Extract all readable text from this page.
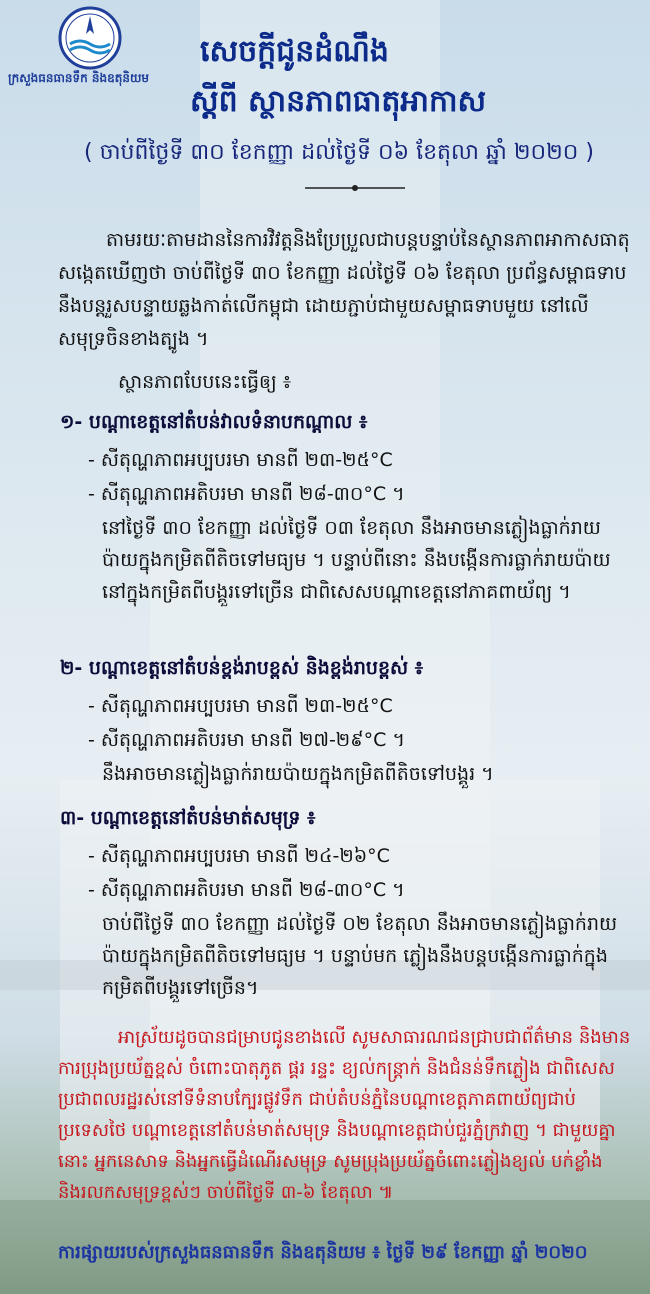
ក្រសួងធនធានទឹក និងឧតុនិយម
សេចក្ដីជូនដំណឹង
ស្ដីពី ស្ថានភាពធាតុអាកាស
( ចាប់ពីថ្ងៃទី ៣០ ខែកញ្ញា ដល់ថ្ងៃទី ០៦ ខែតុលា ឆ្នាំ ២០២០ )
តាមរយៈតាមដាននៃការវិវត្តនិងប្រែប្រួលជាបន្តបន្ទាប់នៃស្ថានភាពអាកាសធាតុ សង្កេតឃើញថា ចាប់ពីថ្ងៃទី ៣០ ខែកញ្ញា ដល់ថ្ងៃទី ០៦ ខែតុលា ប្រព័ន្ធសម្ពាធទាប នឹងបន្តរួសបន្ទាយឆ្លងកាត់លើកម្ពុជា ដោយភ្ជាប់ជាមួយសម្ពាធទាបមួយ នៅលើសមុទ្រចិនខាងត្បូង ។
ស្ថានភាពបែបនេះធ្វើឲ្យ ៖
១- បណ្ដាខេត្តនៅតំបន់វាលទំនាបកណ្ដាល ៖
- សីតុណ្ហភាពអប្បបរមា មានពី ២៣-២៥°C
- សីតុណ្ហភាពអតិបរមា មានពី ២៨-៣០°C ។
នៅថ្ងៃទី ៣០ ខែកញ្ញា ដល់ថ្ងៃទី ០៣ ខែតុលា នឹងអាចមានភ្លៀងធ្លាក់រាយប៉ាយក្នុងកម្រិតពីតិចទៅមធ្យម ។ បន្ទាប់ពីនោះ នឹងបង្កើនការធ្លាក់រាយប៉ាយនៅក្នុងកម្រិតពីបង្គួរទៅច្រើន ជាពិសេសបណ្ដាខេត្តនៅភាគពាយ័ព្យ ។
២- បណ្ដាខេត្តនៅតំបន់ខ្ពង់រាបខ្ពស់ និងខ្ពង់រាបខ្ពស់ ៖
- សីតុណ្ហភាពអប្បបរមា មានពី ២៣-២៥°C
- សីតុណ្ហភាពអតិបរមា មានពី ២៧-២៩°C ។
នឹងអាចមានភ្លៀងធ្លាក់រាយប៉ាយក្នុងកម្រិតពីតិចទៅបង្គួរ ។
៣- បណ្ដាខេត្តនៅតំបន់មាត់សមុទ្រ ៖
- សីតុណ្ហភាពអប្បបរមា មានពី ២៤-២៦°C
- សីតុណ្ហភាពអតិបរមា មានពី ២៨-៣០°C ។
ចាប់ពីថ្ងៃទី ៣០ ខែកញ្ញា ដល់ថ្ងៃទី ០២ ខែតុលា នឹងអាចមានភ្លៀងធ្លាក់រាយប៉ាយក្នុងកម្រិតពីតិចទៅមធ្យម ។ បន្ទាប់មក ភ្លៀងនឹងបន្តបង្កើនការធ្លាក់ក្នុងកម្រិតពីបង្គួរទៅច្រើន។
អាស្រ័យដូចបានជម្រាបជូនខាងលើ សូមសាធារណជនជ្រាបជាព័ត៌មាន និងមានការប្រុងប្រយ័ត្នខ្ពស់ ចំពោះបាតុភូត ផ្គរ រន្ទះ ខ្យល់កន្ត្រាក់ និងជំនន់ទឹកភ្លៀង ជាពិសេសប្រជាពលរដ្ឋរស់នៅទីទំនាបក្បែរផ្លូវទឹក ជាប់តំបន់ភ្នំនៃបណ្ដាខេត្តភាគពាយ័ព្យជាប់ប្រទេសថៃ បណ្ដាខេត្តនៅតំបន់មាត់សមុទ្រ និងបណ្ដាខេត្តជាប់ជួរភ្នំក្រវាញ ។ ជាមួយគ្នានោះ អ្នកនេសាទ និងអ្នកធ្វើដំណើរសមុទ្រ សូមប្រុងប្រយ័ត្នចំពោះភ្លៀងខ្យល់ បក់ខ្លាំង និងរលកសមុទ្រខ្ពស់ៗ ចាប់ពីថ្ងៃទី ៣-៦ ខែតុលា ៕
ការផ្សាយរបស់ក្រសួងធនធានទឹក និងឧតុនិយម ៖ ថ្ងៃទី ២៩ ខែកញ្ញា ឆ្នាំ ២០២០
